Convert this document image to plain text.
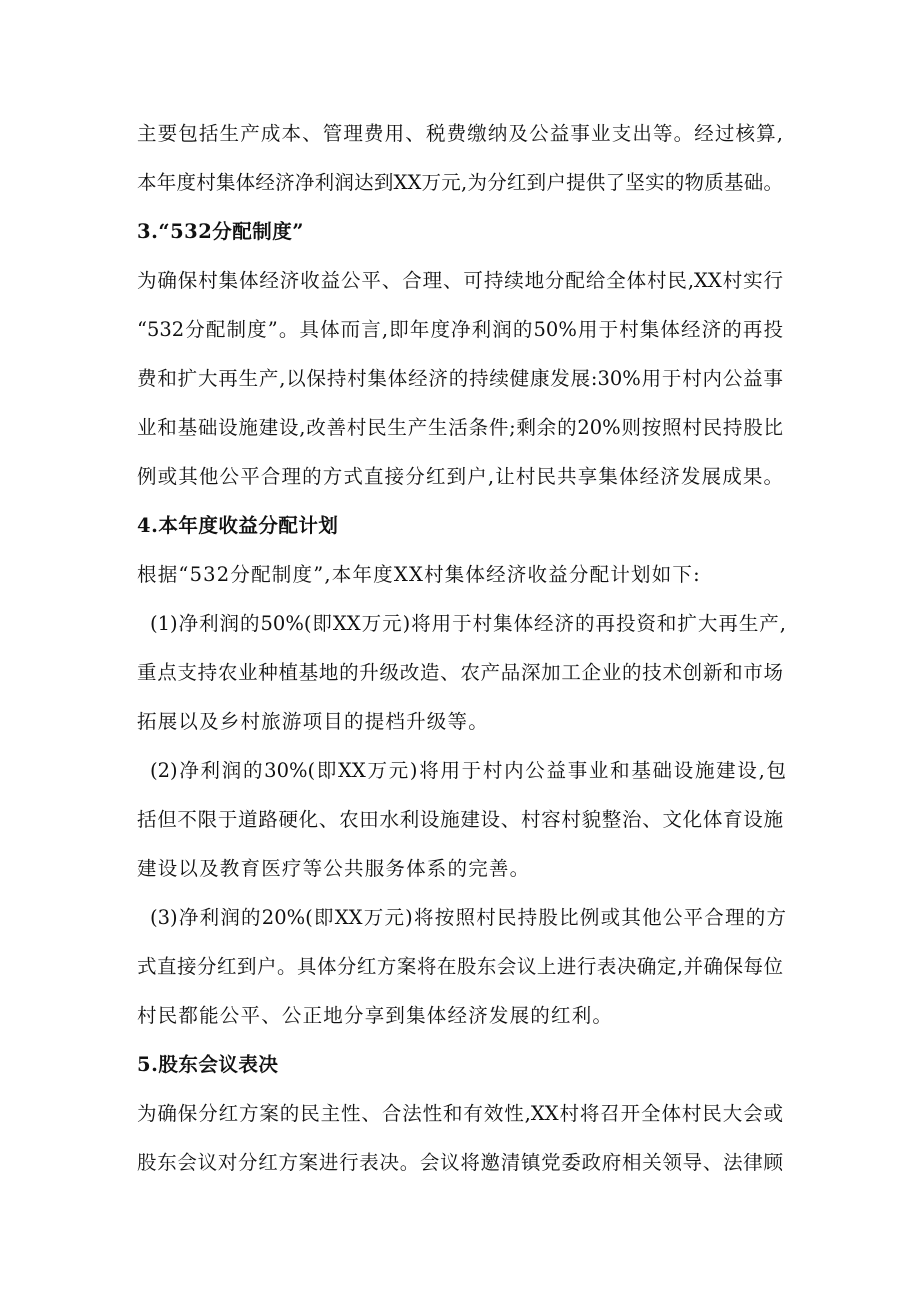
主要包括生产成本、管理费用、税费缴纳及公益事业支出等。经过核算,

本年度村集体经济净利润达到XX万元,为分红到户提供了坚实的物质基础。

3.“532分配制度”

为确保村集体经济收益公平、合理、可持续地分配给全体村民,XX村实行

“532分配制度”。具体而言,即年度净利润的50%用于村集体经济的再投

费和扩大再生产,以保持村集体经济的持续健康发展:30%用于村内公益事

业和基础设施建设,改善村民生产生活条件;剩余的20%则按照村民持股比

例或其他公平合理的方式直接分红到户,让村民共享集体经济发展成果。

4.本年度收益分配计划

根据“532分配制度”,本年度XX村集体经济收益分配计划如下:

(1)净利润的50%(即XX万元)将用于村集体经济的再投资和扩大再生产,

重点支持农业种植基地的升级改造、农产品深加工企业的技术创新和市场

拓展以及乡村旅游项目的提档升级等。

(2)净利润的30%(即XX万元)将用于村内公益事业和基础设施建设,包

括但不限于道路硬化、农田水利设施建设、村容村貌整治、文化体育设施

建设以及教育医疗等公共服务体系的完善。

(3)净利润的20%(即XX万元)将按照村民持股比例或其他公平合理的方

式直接分红到户。具体分红方案将在股东会议上进行表决确定,并确保每位

村民都能公平、公正地分享到集体经济发展的红利。

5.股东会议表决

为确保分红方案的民主性、合法性和有效性,XX村将召开全体村民大会或

股东会议对分红方案进行表决。会议将邀清镇党委政府相关领导、法律顾
